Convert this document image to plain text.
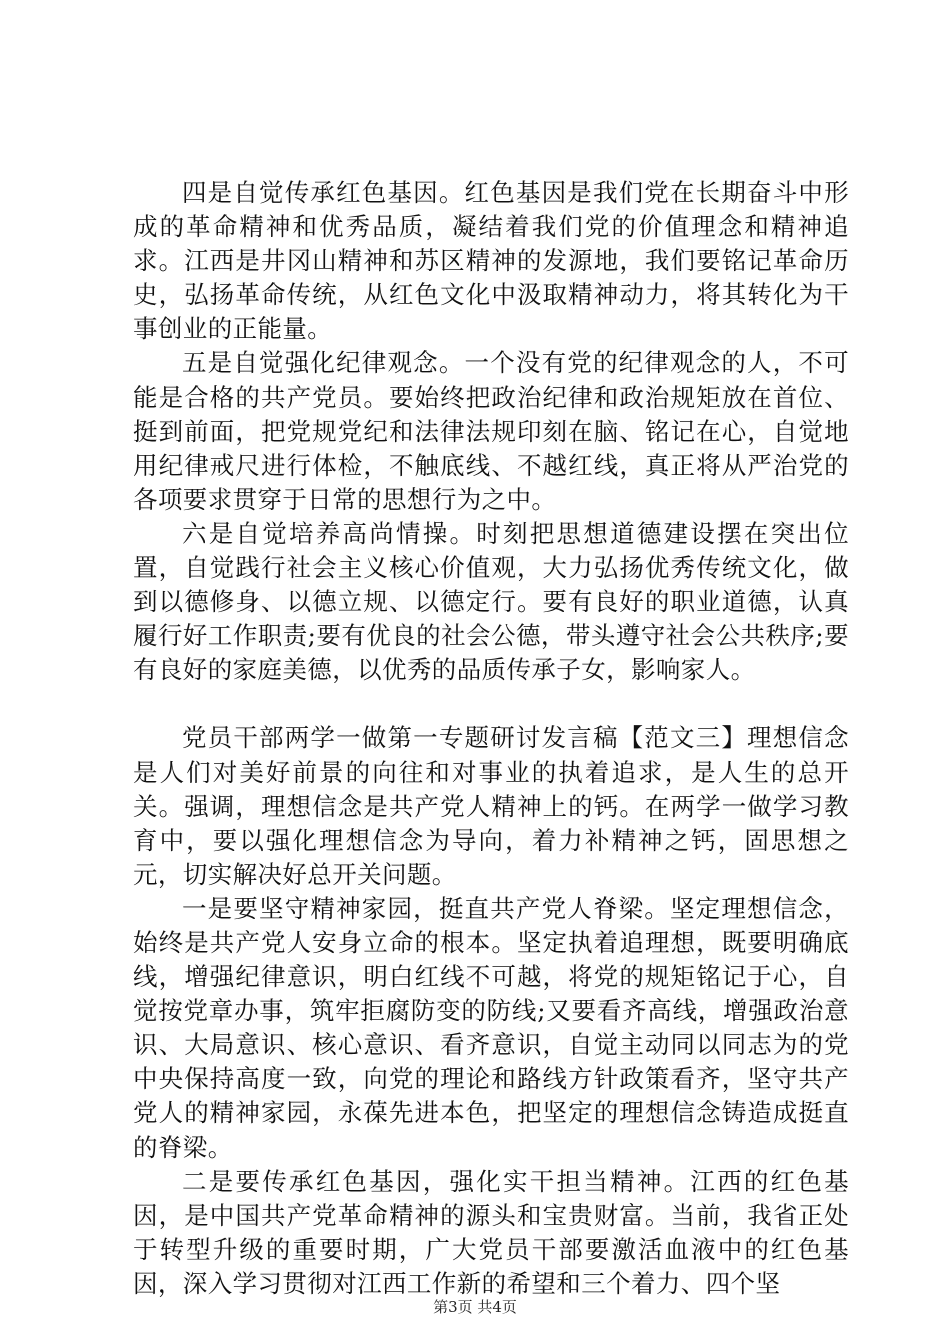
四是自觉传承红色基因。红色基因是我们党在长期奋斗中形成的革命精神和优秀品质，凝结着我们党的价值理念和精神追求。江西是井冈山精神和苏区精神的发源地，我们要铭记革命历史，弘扬革命传统，从红色文化中汲取精神动力，将其转化为干事创业的正能量。

五是自觉强化纪律观念。一个没有党的纪律观念的人，不可能是合格的共产党员。要始终把政治纪律和政治规矩放在首位、挺到前面，把党规党纪和法律法规印刻在脑、铭记在心，自觉地用纪律戒尺进行体检，不触底线、不越红线，真正将从严治党的各项要求贯穿于日常的思想行为之中。

六是自觉培养高尚情操。时刻把思想道德建设摆在突出位置，自觉践行社会主义核心价值观，大力弘扬优秀传统文化，做到以德修身、以德立规、以德定行。要有良好的职业道德，认真履行好工作职责;要有优良的社会公德，带头遵守社会公共秩序;要有良好的家庭美德，以优秀的品质传承子女，影响家人。

党员干部两学一做第一专题研讨发言稿【范文三】理想信念是人们对美好前景的向往和对事业的执着追求，是人生的总开关。强调，理想信念是共产党人精神上的钙。在两学一做学习教育中，要以强化理想信念为导向，着力补精神之钙，固思想之元，切实解决好总开关问题。

一是要坚守精神家园，挺直共产党人脊梁。坚定理想信念，始终是共产党人安身立命的根本。坚定执着追理想，既要明确底线，增强纪律意识，明白红线不可越，将党的规矩铭记于心，自觉按党章办事，筑牢拒腐防变的防线;又要看齐高线，增强政治意识、大局意识、核心意识、看齐意识，自觉主动同以同志为的党中央保持高度一致，向党的理论和路线方针政策看齐，坚守共产党人的精神家园，永葆先进本色，把坚定的理想信念铸造成挺直的脊梁。

二是要传承红色基因，强化实干担当精神。江西的红色基因，是中国共产党革命精神的源头和宝贵财富。当前，我省正处于转型升级的重要时期，广大党员干部要激活血液中的红色基因，深入学习贯彻对江西工作新的希望和三个着力、四个坚

第3页 共4页
